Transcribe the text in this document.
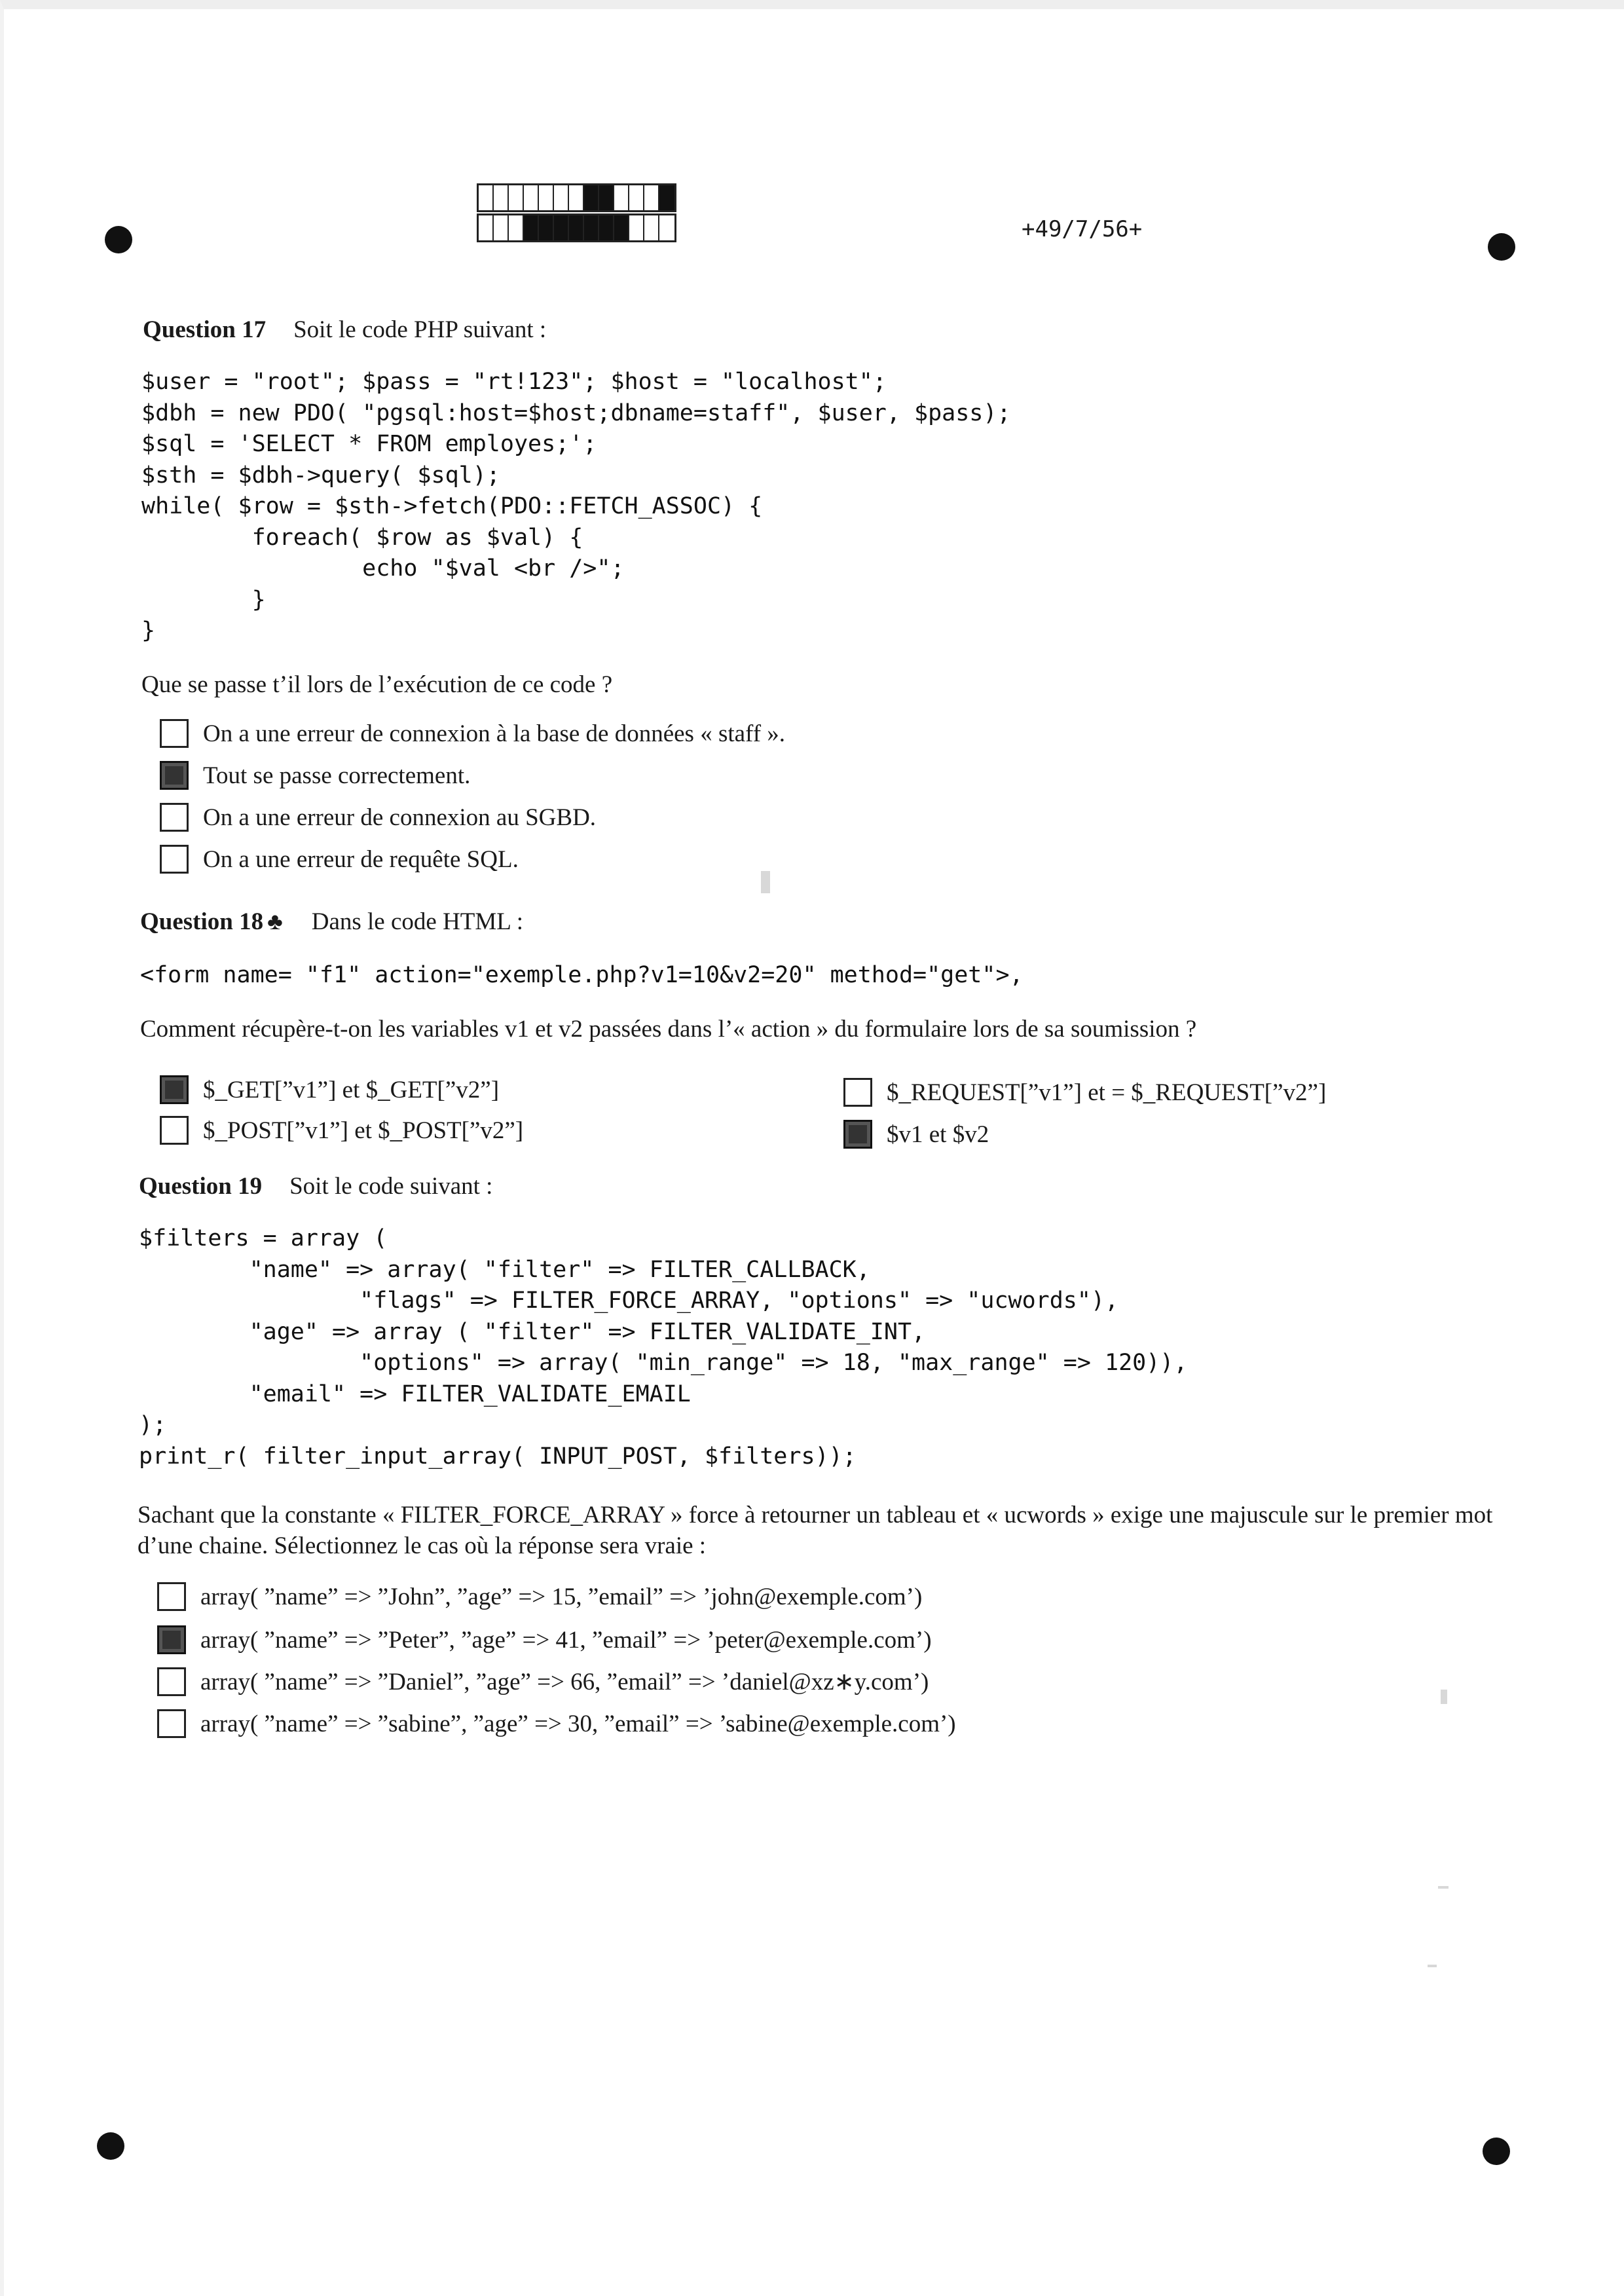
+49/7/56+
Question 17 Soit le code PHP suivant :
$user = "root"; $pass = "rt!123"; $host = "localhost";
$dbh = new PDO( "pgsql:host=$host;dbname=staff", $user, $pass);
$sql = 'SELECT * FROM employes;';
$sth = $dbh->query( $sql);
while( $row = $sth->fetch(PDO::FETCH_ASSOC) {
foreach( $row as $val) {
echo "$val <br />";
}
}
Que se passe t’il lors de l’exécution de ce code ?
On a une erreur de connexion à la base de données « staff ».
Tout se passe correctement.
On a une erreur de connexion au SGBD.
On a une erreur de requête SQL.
Question 18 ♣ Dans le code HTML :
<form name= "f1" action="exemple.php?v1=10&v2=20" method="get">,
Comment récupère-t-on les variables v1 et v2 passées dans l’« action » du formulaire lors de sa soumission ?
$_GET[”v1”] et $_GET[”v2”]	$_REQUEST[”v1”] et = $_REQUEST[”v2”]
$_POST[”v1”] et $_POST[”v2”]	$v1 et $v2
Question 19 Soit le code suivant :
$filters = array (
"name" => array( "filter" => FILTER_CALLBACK,
"flags" => FILTER_FORCE_ARRAY, "options" => "ucwords"),
"age" => array ( "filter" => FILTER_VALIDATE_INT,
"options" => array( "min_range" => 18, "max_range" => 120)),
"email" => FILTER_VALIDATE_EMAIL
);
print_r( filter_input_array( INPUT_POST, $filters));
Sachant que la constante « FILTER_FORCE_ARRAY » force à retourner un tableau et « ucwords » exige une majuscule sur le premier mot d’une chaine. Sélectionnez le cas où la réponse sera vraie :
array( ”name” => ”John”, ”age” => 15, ”email” => ’john@exemple.com’)
array( ”name” => ”Peter”, ”age” => 41, ”email” => ’peter@exemple.com’)
array( ”name” => ”Daniel”, ”age” => 66, ”email” => ’daniel@xz∗y.com’)
array( ”name” => ”sabine”, ”age” => 30, ”email” => ’sabine@exemple.com’)
